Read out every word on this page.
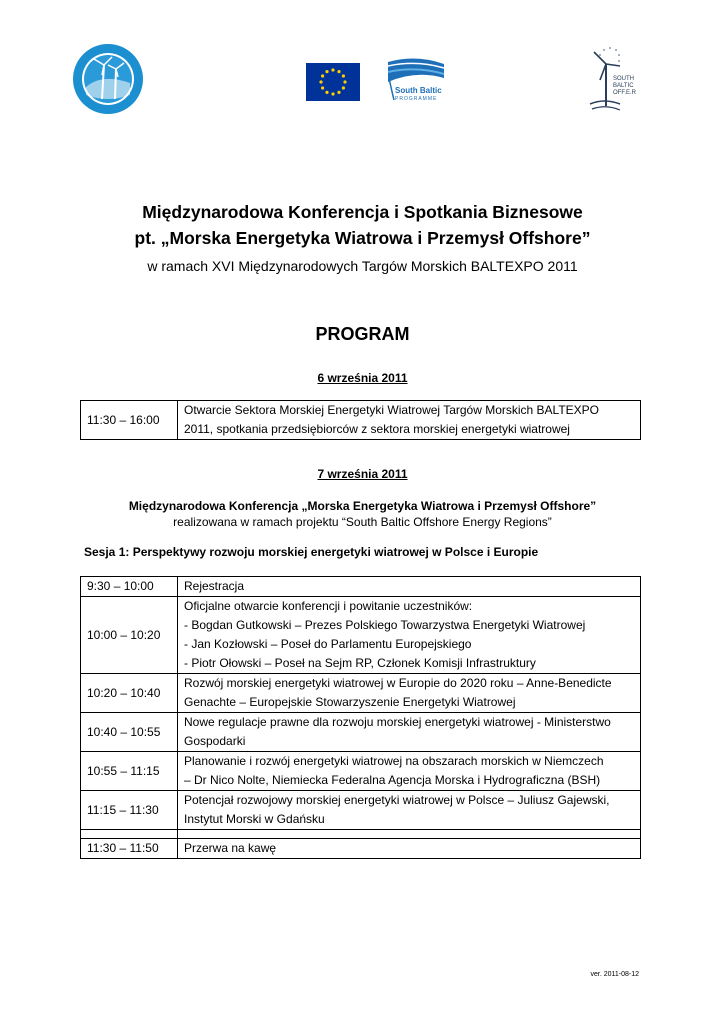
South Baltic
PROGRAMME
SOUTH
BALTIC
OFF.E.R
Międzynarodowa Konferencja i Spotkania Biznesowe
pt. „Morska Energetyka Wiatrowa i Przemysł Offshore”
w ramach XVI Międzynarodowych Targów Morskich BALTEXPO 2011
PROGRAM
6 września 2011
11:30 – 16:00	
Otwarcie Sektora Morskiej Energetyki Wiatrowej Targów Morskich BALTEXPO
2011, spotkania przedsiębiorców z sektora morskiej energetyki wiatrowej
7 września 2011
Międzynarodowa Konferencja „Morska Energetyka Wiatrowa i Przemysł Offshore”
realizowana w ramach projektu “South Baltic Offshore Energy Regions”
Sesja 1: Perspektywy rozwoju morskiej energetyki wiatrowej w Polsce i Europie
9:30 – 10:00	Rejestracja

10:00 – 10:20	Oficjalne otwarcie konferencji i powitanie uczestników:
- Bogdan Gutkowski – Prezes Polskiego Towarzystwa Energetyki Wiatrowej
- Jan Kozłowski – Poseł do Parlamentu Europejskiego
- Piotr Ołowski – Poseł na Sejm RP, Członek Komisji Infrastruktury

10:20 – 10:40	Rozwój morskiej energetyki wiatrowej w Europie do 2020 roku – Anne-Benedicte
Genachte – Europejskie Stowarzyszenie Energetyki Wiatrowej

10:40 – 10:55	Nowe regulacje prawne dla rozwoju morskiej energetyki wiatrowej - Ministerstwo
Gospodarki

10:55 – 11:15	Planowanie i rozwój energetyki wiatrowej na obszarach morskich w Niemczech
– Dr Nico Nolte, Niemiecka Federalna Agencja Morska i Hydrograficzna (BSH)

11:15 – 11:30	Potencjał rozwojowy morskiej energetyki wiatrowej w Polsce – Juliusz Gajewski,
Instytut Morski w Gdańsku

11:30 – 11:50	Przerwa na kawę
ver. 2011-08-12
